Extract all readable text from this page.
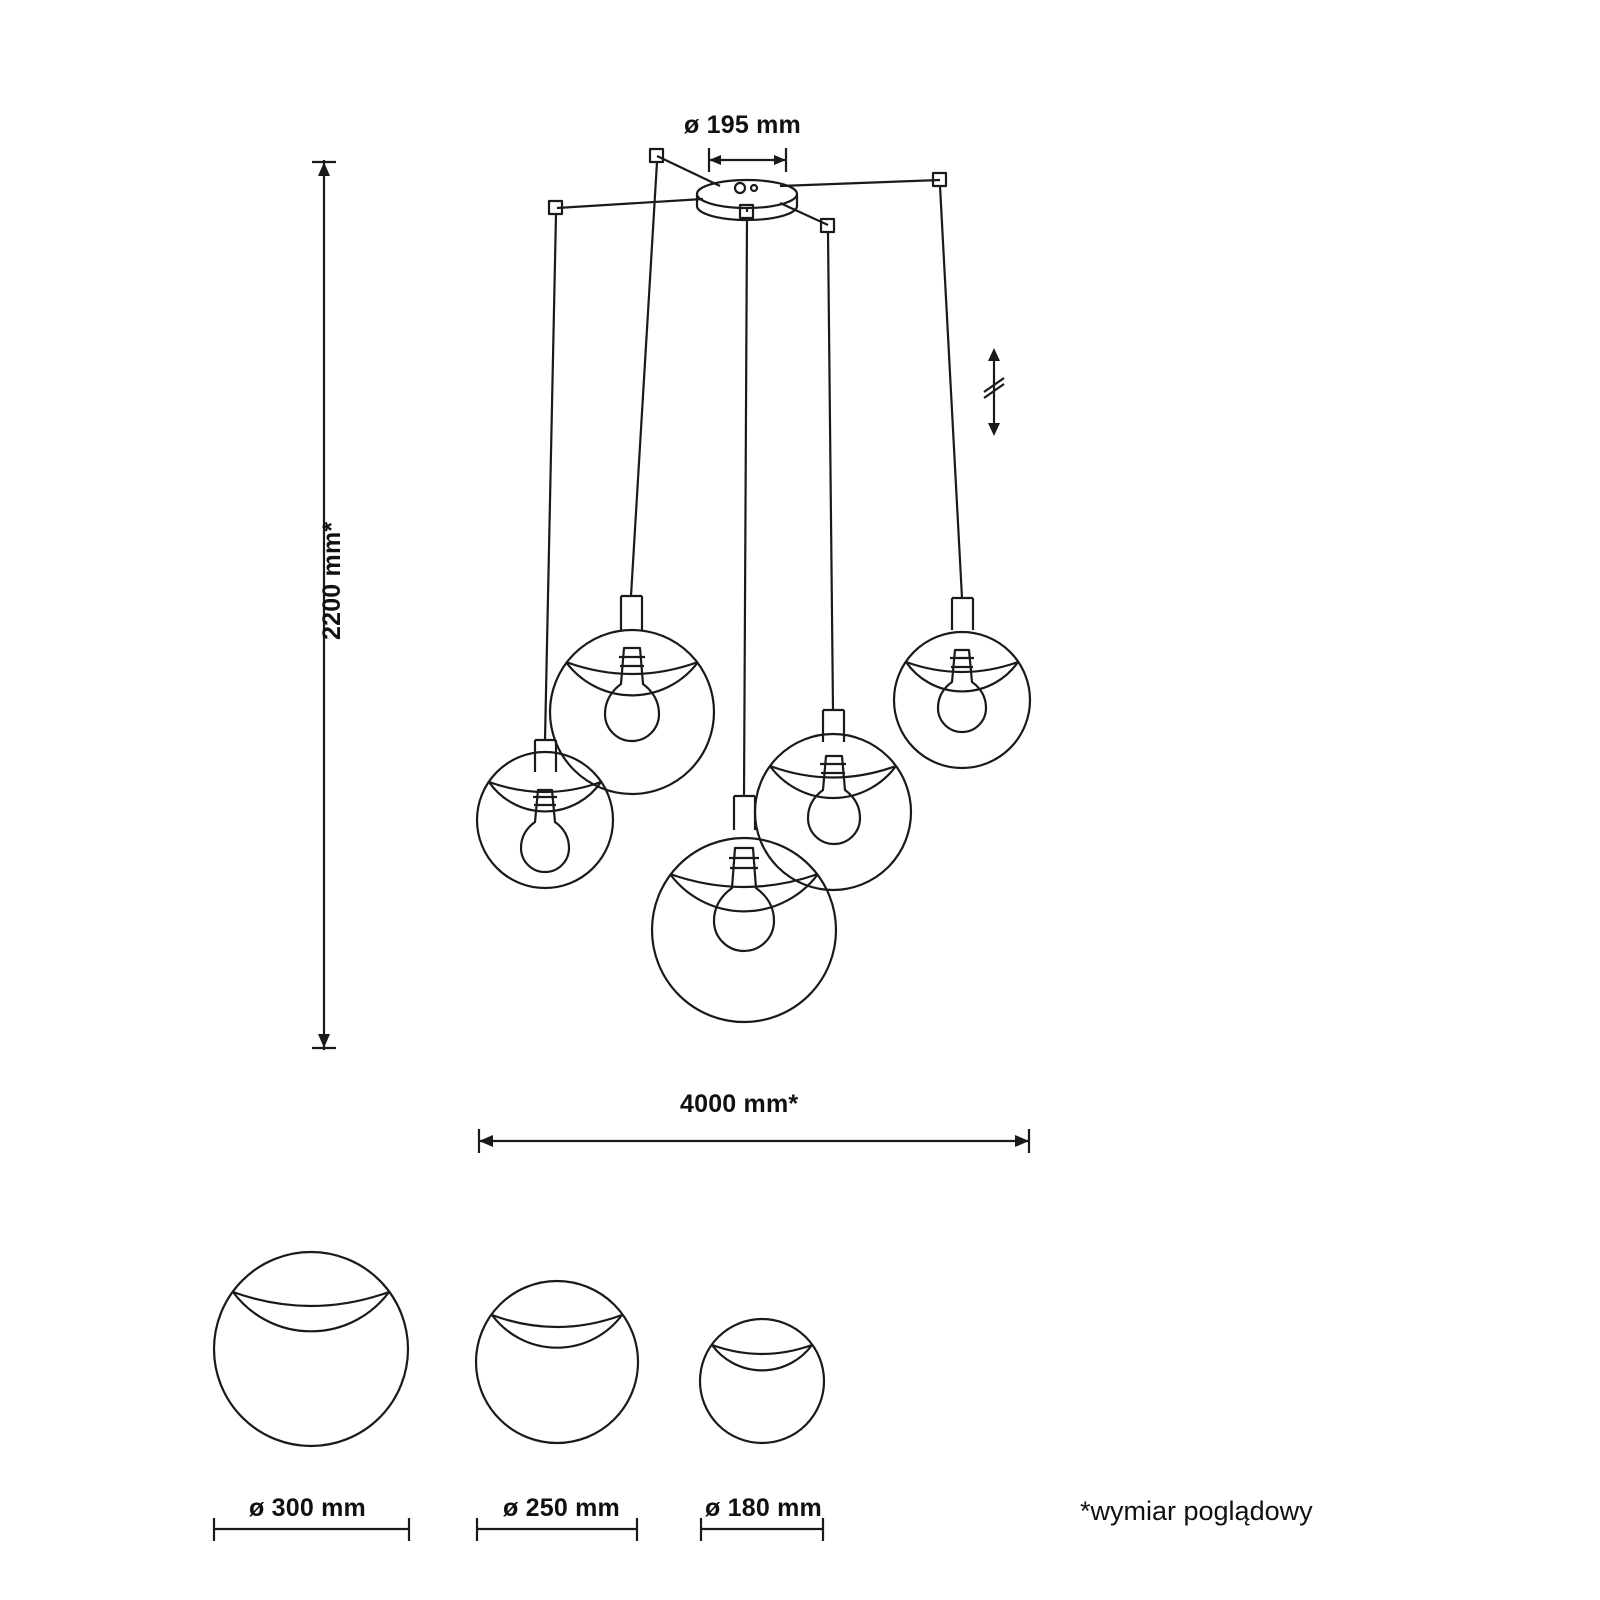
ø 195 mm
2200 mm*
4000 mm*
ø 300 mm	ø 250 mm	ø 180 mm	*wymiar poglądowy
